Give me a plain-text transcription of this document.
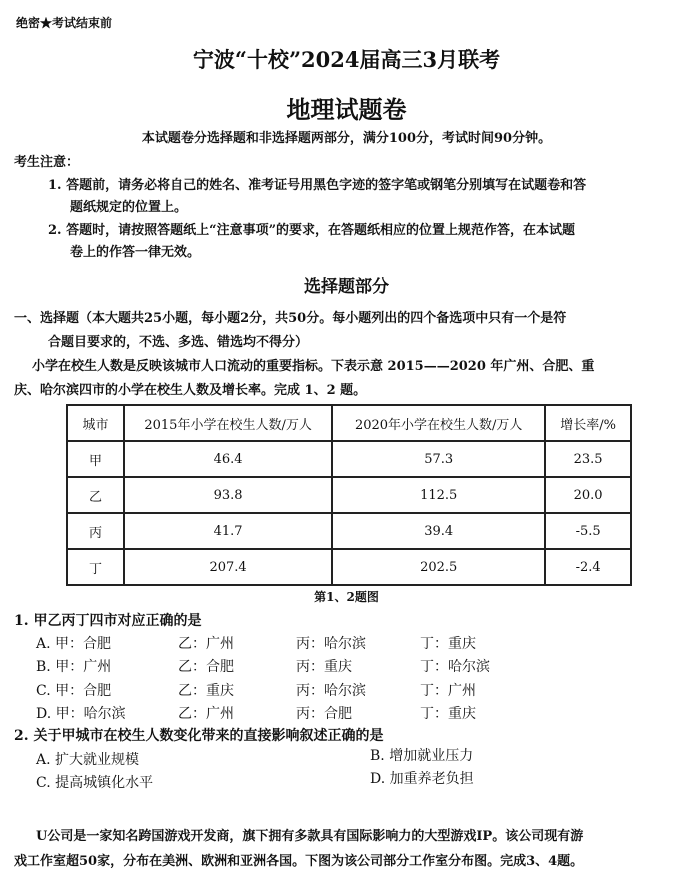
绝密★考试结束前
宁波“十校”2024届高三3月联考
地理试题卷
本试题卷分选择题和非选择题两部分，满分100分，考试时间90分钟。
考生注意：
1. 答题前，请务必将自己的姓名、准考证号用黑色字迹的签字笔或钢笔分别填写在试题卷和答
题纸规定的位置上。
2. 答题时，请按照答题纸上“注意事项”的要求，在答题纸相应的位置上规范作答，在本试题
卷上的作答一律无效。
选择题部分
一、选择题（本大题共25小题，每小题2分，共50分。每小题列出的四个备选项中只有一个是符
合题目要求的，不选、多选、错选均不得分）
小学在校生人数是反映该城市人口流动的重要指标。下表示意 2015——2020 年广州、合肥、重
庆、哈尔滨四市的小学在校生人数及增长率。完成 1、2 题。
城市	2015年小学在校生人数/万人	2020年小学在校生人数/万人	增长率/%
甲	46.4	57.3	23.5
乙	93.8	112.5	20.0
丙	41.7	39.4	-5.5
丁	207.4	202.5	-2.4
第1、2题图
1. 甲乙丙丁四市对应正确的是
A. 甲：合肥	乙：广州	丙：哈尔滨	丁：重庆
B. 甲：广州	乙：合肥	丙：重庆	丁：哈尔滨
C. 甲：合肥	乙：重庆	丙：哈尔滨	丁：广州
D. 甲：哈尔滨	乙：广州	丙：合肥	丁：重庆
2. 关于甲城市在校生人数变化带来的直接影响叙述正确的是
A. 扩大就业规模	B. 增加就业压力
C. 提高城镇化水平	D. 加重养老负担
U公司是一家知名跨国游戏开发商，旗下拥有多款具有国际影响力的大型游戏IP。该公司现有游
戏工作室超50家，分布在美洲、欧洲和亚洲各国。下图为该公司部分工作室分布图。完成3、4题。
